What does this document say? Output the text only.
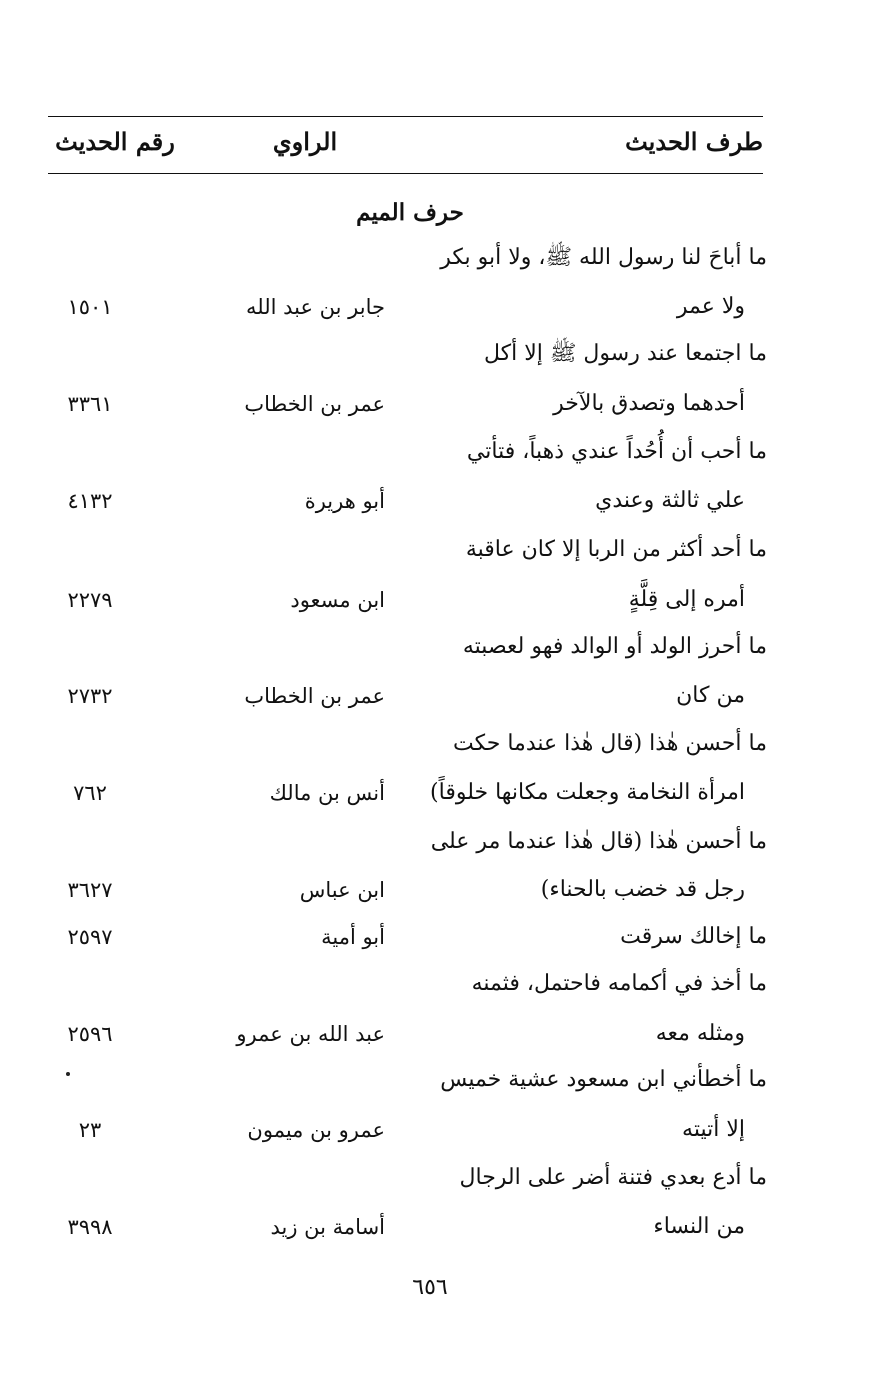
طرف الحديث
الراوي
رقم الحديث
حرف الميم
ما أباحَ لنا رسول الله ﷺ، ولا أبو بكر
ولا عمر
جابر بن عبد الله
١٥٠١
ما اجتمعا عند رسول ﷺ إلا أكل
أحدهما وتصدق بالآخر
عمر بن الخطاب
٣٣٦١
ما أحب أن أُحُداً عندي ذهباً، فتأتي
علي ثالثة وعندي
أبو هريرة
٤١٣٢
ما أحد أكثر من الربا إلا كان عاقبة
أمره إلى قِلَّةٍ
ابن مسعود
٢٢٧٩
ما أحرز الولد أو الوالد فهو لعصبته
من كان
عمر بن الخطاب
٢٧٣٢
ما أحسن هٰذا (قال هٰذا عندما حكت
امرأة النخامة وجعلت مكانها خلوقاً)
أنس بن مالك
٧٦٢
ما أحسن هٰذا (قال هٰذا عندما مر على
رجل قد خضب بالحناء)
ابن عباس
٣٦٢٧
ما إخالك سرقت
أبو أمية
٢٥٩٧
ما أخذ في أكمامه فاحتمل، فثمنه
ومثله معه
عبد الله بن عمرو
٢٥٩٦
ما أخطأني ابن مسعود عشية خميس
إلا أتيته
عمرو بن ميمون
٢٣
ما أدع بعدي فتنة أضر على الرجال
من النساء
أسامة بن زيد
٣٩٩٨
٦٥٦
